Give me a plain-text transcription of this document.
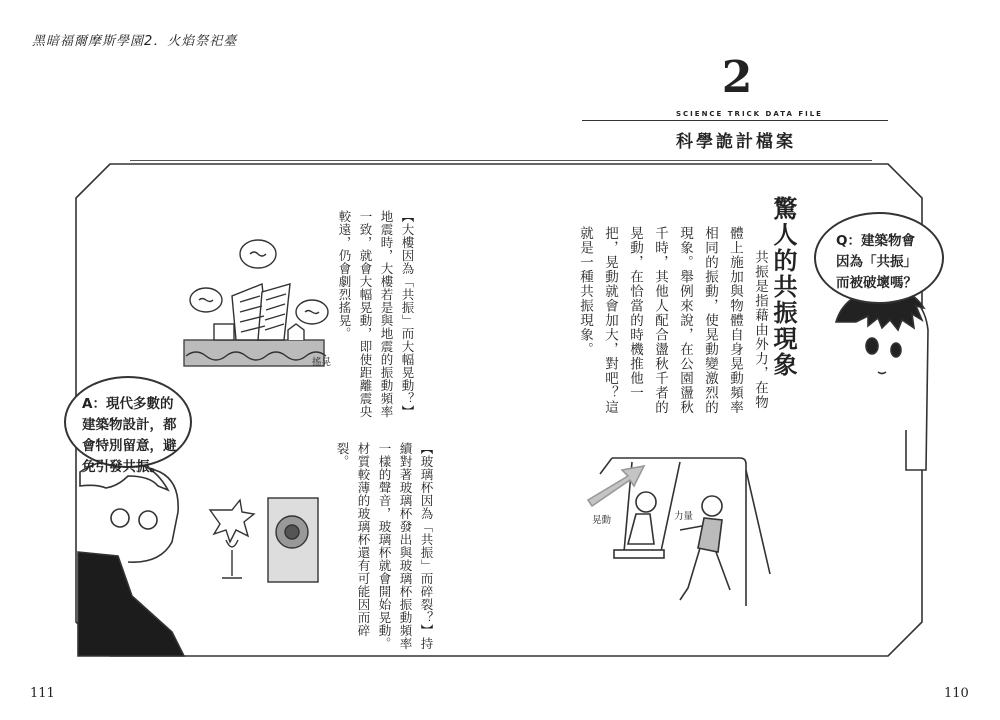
黑暗福爾摩斯學園2．火焰祭祀臺
2
SCIENCE TRICK DATA FILE
科學詭計檔案
驚人的共振現象
共振是指藉由外力，在物
體上施加與物體自身晃動頻率
相同的振動，使晃動變激烈的
現象。舉例來說，在公園盪秋
千時，其他人配合盪秋千者的
晃動，在恰當的時機推他一
把，晃動就會加大，對吧？這
就是一種共振現象。
【大樓因為「共振」而大幅晃動？】地震時，大樓若是與地震的振動頻率一致，就會大幅晃動，即使距離震央較遠，仍會劇烈搖晃。
【玻璃杯因為「共振」而碎裂？】持續對著玻璃杯發出與玻璃杯振動頻率一樣的聲音，玻璃杯就會開始晃動。材質較薄的玻璃杯還有可能因而碎裂。
Q：建築物會因為「共振」而被破壞嗎？
A：現代多數的建築物設計，都會特別留意，避免引發共振。
搖晃
晃動	力量
111	110
